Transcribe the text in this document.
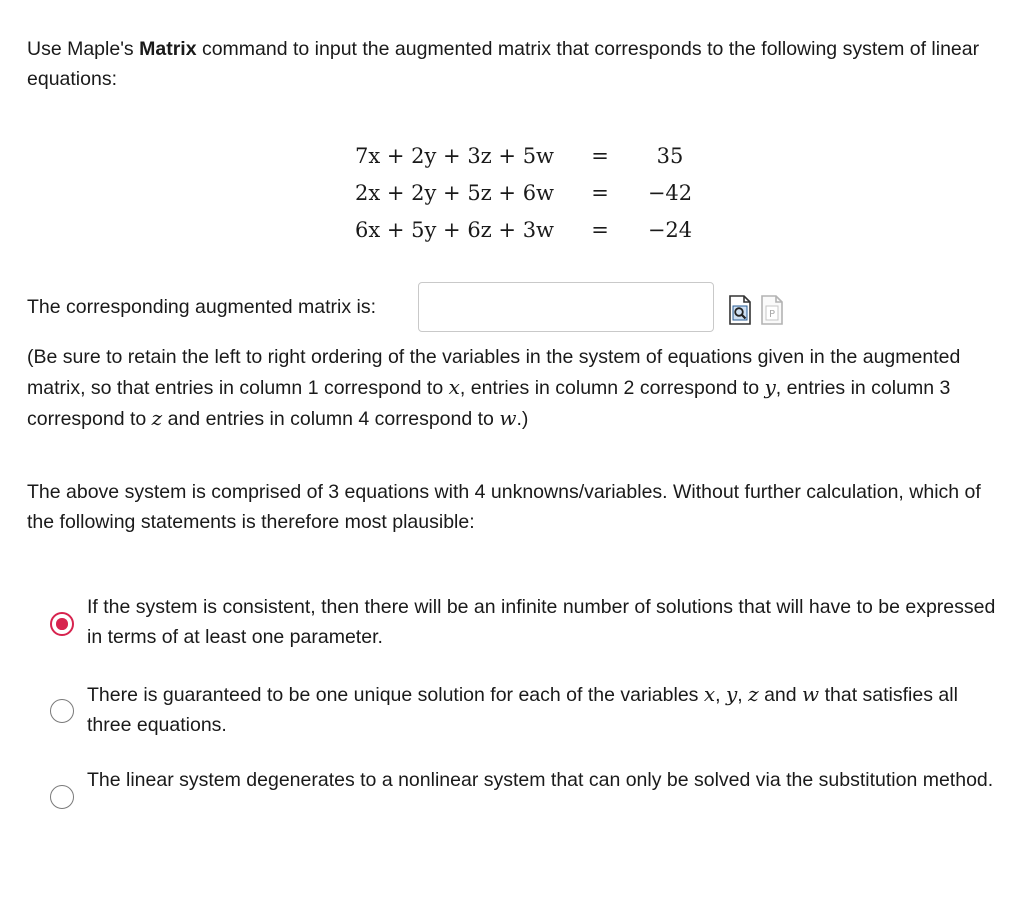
Use Maple's Matrix command to input the augmented matrix that corresponds to the following system of linear equations:
7x + 2y + 3z + 5w	=	35
2x + 2y + 5z + 6w	=	−42
6x + 5y + 6z + 3w	=	−24
The corresponding augmented matrix is:	P
(Be sure to retain the left to right ordering of the variables in the system of equations given in the augmented matrix, so that entries in column 1 correspond to x, entries in column 2 correspond to y, entries in column 3 correspond to z and entries in column 4 correspond to w.)
The above system is comprised of 3 equations with 4 unknowns/variables. Without further calculation, which of the following statements is therefore most plausible:
If the system is consistent, then there will be an infinite number of solutions that will have to be expressed in terms of at least one parameter.
There is guaranteed to be one unique solution for each of the variables x, y, z and w that satisfies all three equations.
The linear system degenerates to a nonlinear system that can only be solved via the substitution method.
